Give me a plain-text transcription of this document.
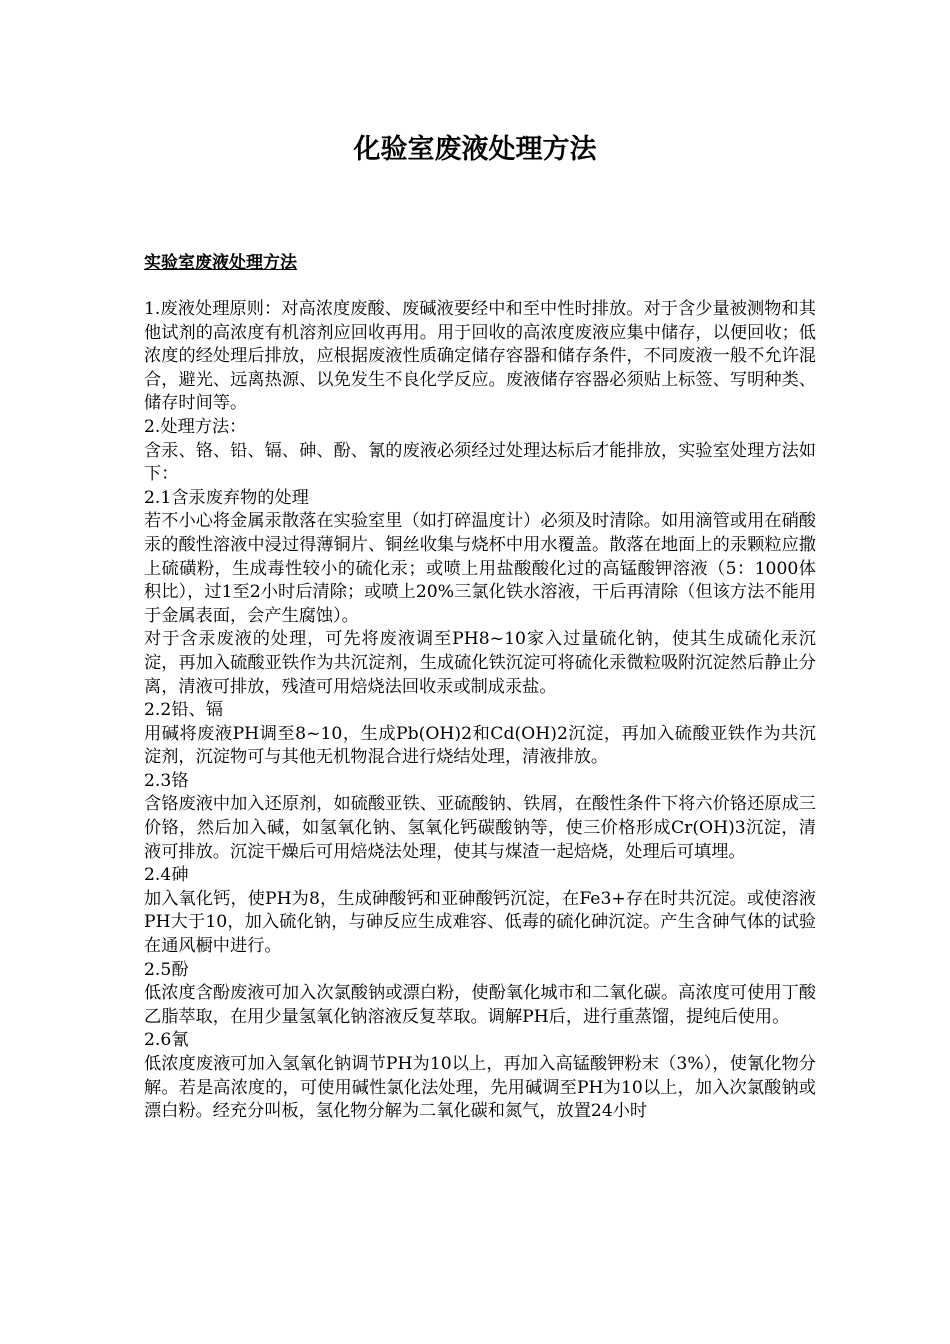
化验室废液处理方法
实验室废液处理方法

1.废液处理原则：对高浓度废酸、废碱液要经中和至中性时排放。对于含少量被测物和其他试剂的高浓度有机溶剂应回收再用。用于回收的高浓度废液应集中储存，以便回收；低浓度的经处理后排放，应根据废液性质确定储存容器和储存条件，不同废液一般不允许混合，避光、远离热源、以免发生不良化学反应。废液储存容器必须贴上标签、写明种类、储存时间等。

2.处理方法：

含汞、铬、铅、镉、砷、酚、氰的废液必须经过处理达标后才能排放，实验室处理方法如下：

2.1含汞废弃物的处理

若不小心将金属汞散落在实验室里（如打碎温度计）必须及时清除。如用滴管或用在硝酸汞的酸性溶液中浸过得薄铜片、铜丝收集与烧杯中用水覆盖。散落在地面上的汞颗粒应撒上硫磺粉，生成毒性较小的硫化汞；或喷上用盐酸酸化过的高锰酸钾溶液（5：1000体积比），过1至2小时后清除；或喷上20%三氯化铁水溶液，干后再清除（但该方法不能用于金属表面，会产生腐蚀）。

对于含汞废液的处理，可先将废液调至PH8~10家入过量硫化钠，使其生成硫化汞沉淀，再加入硫酸亚铁作为共沉淀剂，生成硫化铁沉淀可将硫化汞微粒吸附沉淀然后静止分离，清液可排放，残渣可用焙烧法回收汞或制成汞盐。

2.2铅、镉

用碱将废液PH调至8~10，生成Pb(OH)2和Cd(OH)2沉淀，再加入硫酸亚铁作为共沉淀剂，沉淀物可与其他无机物混合进行烧结处理，清液排放。

2.3铬

含铬废液中加入还原剂，如硫酸亚铁、亚硫酸钠、铁屑，在酸性条件下将六价铬还原成三价铬，然后加入碱，如氢氧化钠、氢氧化钙碳酸钠等，使三价格形成Cr(OH)3沉淀，清液可排放。沉淀干燥后可用焙烧法处理，使其与煤渣一起焙烧，处理后可填埋。

2.4砷

加入氧化钙，使PH为8，生成砷酸钙和亚砷酸钙沉淀，在Fe3+存在时共沉淀。或使溶液PH大于10，加入硫化钠，与砷反应生成难容、低毒的硫化砷沉淀。产生含砷气体的试验在通风橱中进行。

2.5酚

低浓度含酚废液可加入次氯酸钠或漂白粉，使酚氧化城市和二氧化碳。高浓度可使用丁酸乙脂萃取，在用少量氢氧化钠溶液反复萃取。调解PH后，进行重蒸馏，提纯后使用。

2.6氰

低浓度废液可加入氢氧化钠调节PH为10以上，再加入高锰酸钾粉末（3%），使氰化物分解。若是高浓度的，可使用碱性氯化法处理，先用碱调至PH为10以上，加入次氯酸钠或漂白粉。经充分叫板，氢化物分解为二氧化碳和氮气，放置24小时
